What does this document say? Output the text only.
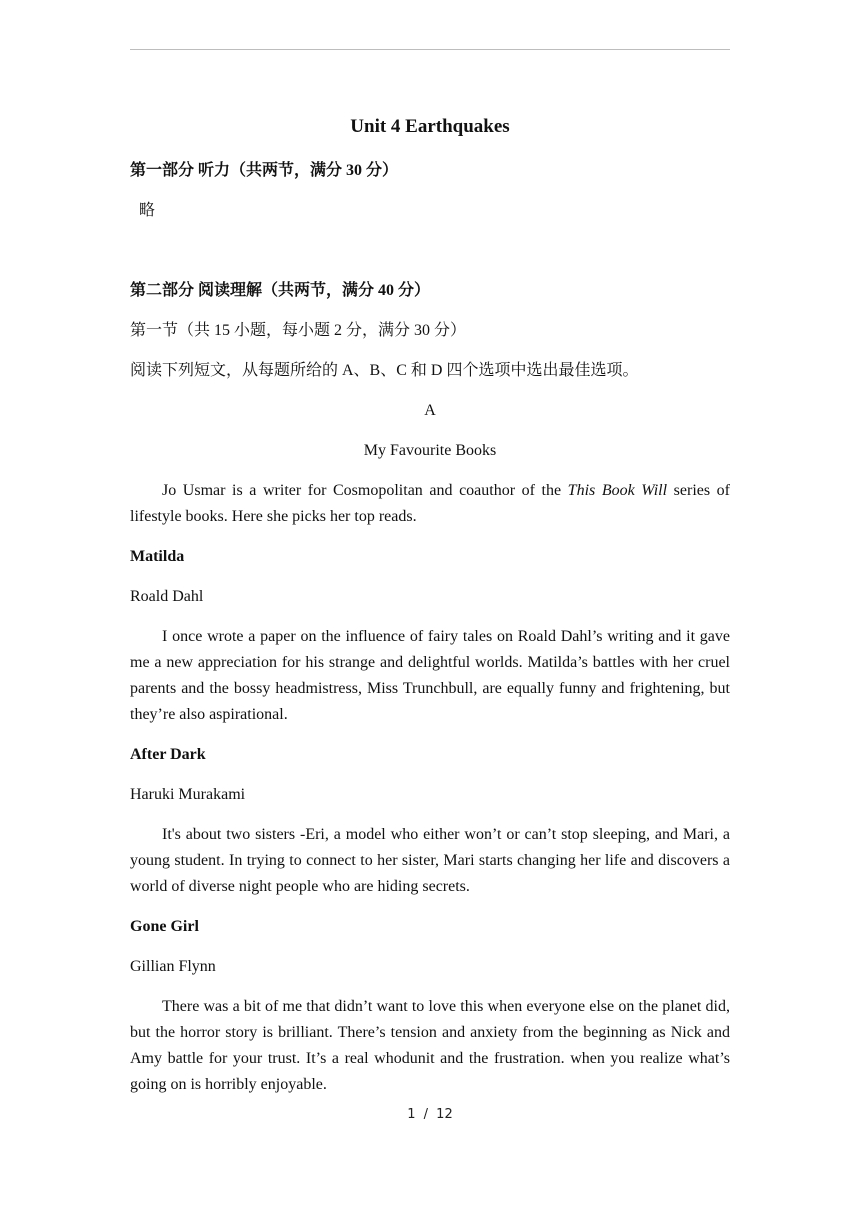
Unit 4 Earthquakes
第一部分 听力（共两节，满分 30 分）
略
第二部分 阅读理解（共两节，满分 40 分）
第一节（共 15 小题，每小题 2 分，满分 30 分）
阅读下列短文，从每题所给的 A、B、C 和 D 四个选项中选出最佳选项。
A
My Favourite Books
Jo Usmar is a writer for Cosmopolitan and coauthor of the This Book Will series of lifestyle books. Here she picks her top reads.
Matilda
Roald Dahl
I once wrote a paper on the influence of fairy tales on Roald Dahl’s writing and it gave me a new appreciation for his strange and delightful worlds. Matilda’s battles with her cruel parents and the bossy headmistress, Miss Trunchbull, are equally funny and frightening, but they’re also aspirational.
After Dark
Haruki Murakami
It's about two sisters -Eri, a model who either won’t or can’t stop sleeping, and Mari, a young student. In trying to connect to her sister, Mari starts changing her life and discovers a world of diverse night people who are hiding secrets.
Gone Girl
Gillian Flynn
There was a bit of me that didn’t want to love this when everyone else on the planet did, but the horror story is brilliant. There’s tension and anxiety from the beginning as Nick and Amy battle for your trust. It’s a real whodunit and the frustration. when you realize what’s going on is horribly enjoyable.
1 / 12
